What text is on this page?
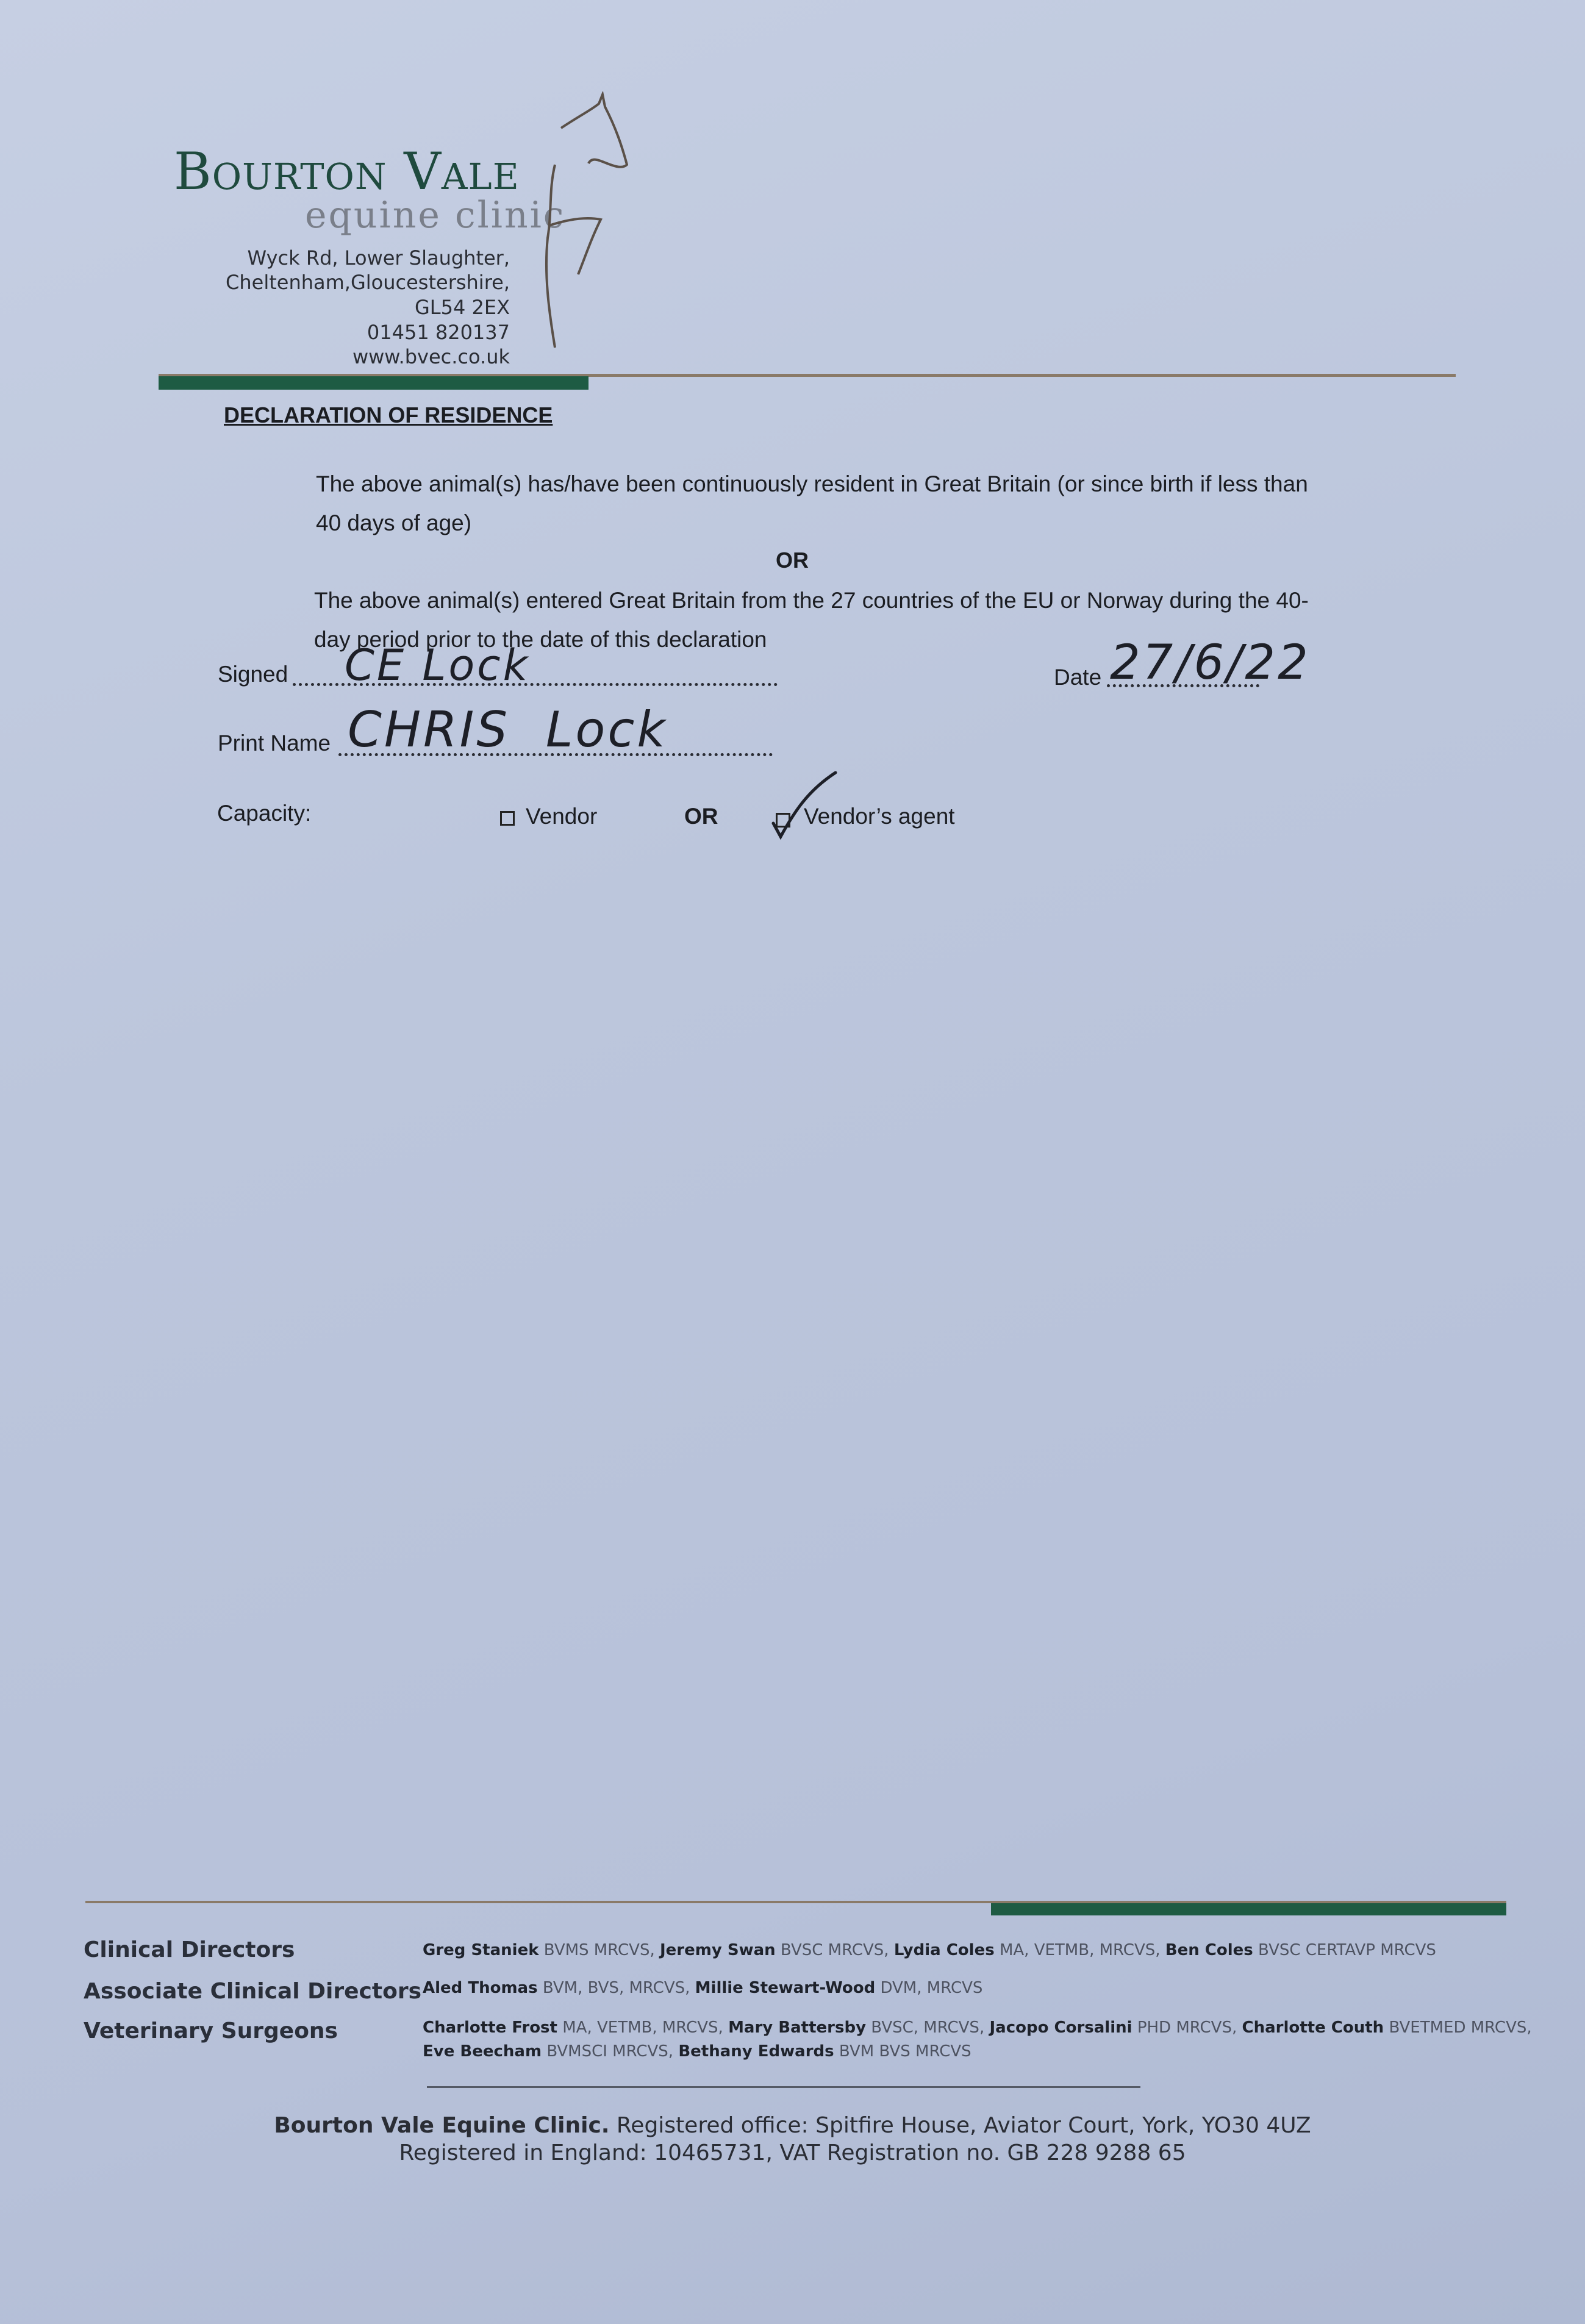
Bourton Vale
equine clinic
Wyck Rd, Lower Slaughter,
Cheltenham,Gloucestershire,
GL54 2EX
01451 820137
www.bvec.co.uk
DECLARATION OF RESIDENCE
The above animal(s) has/have been continuously resident in Great Britain (or since birth if less than
40 days of age)
OR
The above animal(s) entered Great Britain from the 27 countries of the EU or Norway during the 40-
day period prior to the date of this declaration
Signed CE Lock	Date 27/6/22
Print Name CHRIS  Lock
Capacity:	Vendor	OR	Vendor’s agent
Clinical Directors	Greg Staniek BVMS MRCVS, Jeremy Swan BVSC MRCVS, Lydia Coles MA, VETMB, MRCVS, Ben Coles BVSC CERTAVP MRCVS
Associate Clinical Directors Aled Thomas BVM, BVS, MRCVS, Millie Stewart-Wood DVM, MRCVS
Veterinary Surgeons	Charlotte Frost MA, VETMB, MRCVS, Mary Battersby BVSC, MRCVS, Jacopo Corsalini PHD MRCVS, Charlotte Couth BVETMED MRCVS,
Eve Beecham BVMSCI MRCVS, Bethany Edwards BVM BVS MRCVS
Bourton Vale Equine Clinic. Registered office: Spitfire House, Aviator Court, York, YO30 4UZ
Registered in England: 10465731, VAT Registration no. GB 228 9288 65
